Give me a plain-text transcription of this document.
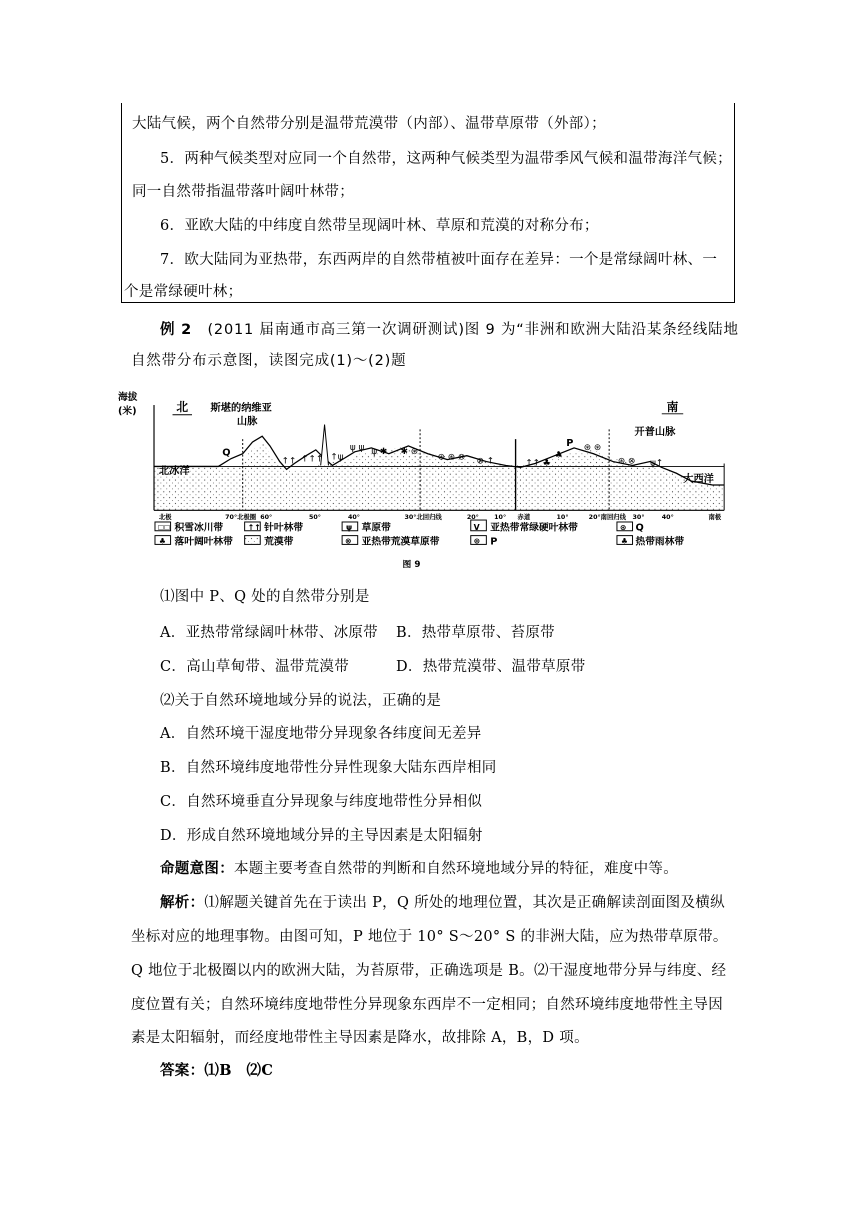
大陆气候，两个自然带分别是温带荒漠带（内部）、温带草原带（外部）；
5．两种气候类型对应同一个自然带，这两种气候类型为温带季风气候和温带海洋气候；
同一自然带指温带落叶阔叶林带；
6．亚欧大陆的中纬度自然带呈现阔叶林、草原和荒漠的对称分布；
7．欧大陆同为亚热带，东西两岸的自然带植被叶面存在差异：一个是常绿阔叶林、一
个是常绿硬叶林；
例 2 (2011 届南通市高三第一次调研测试)图 9 为“非洲和欧洲大陆沿某条经线陆地
自然带分布示意图，读图完成(1)～(2)题
海拔
(米)
↑↑ ↑↑↑ ↑ψ
ψ ψ ψ ✱ ✱ ⊛
⊛ ⊛ ⊗ ⊗ ↑	↑↑ ♣
♣
⊛ ⊛
⊛ ⊗ ψ↑
北 斯堪的纳维亚
山脉
南
开普山脉
北冰洋
大西洋
P
Q
北极	70°北极圈 60°	50°	40°	30°北回归线	20° 10° 赤道	10°	20°南回归线 30°	40°	南极
☐☐ 积雪冰川带	↑↑ 针叶林带	ψ 草原带	Ⅴ 亚热带常绿硬叶林带	⊛ Q
♣ 落叶阔叶林带	荒漠带	⊗ 亚热带荒漠草原带	⊛ P	♣ 热带雨林带
图 9
⑴图中 P、Q 处的自然带分别是
A．亚热带常绿阔叶林带、冰原带 B．热带草原带、苔原带
C．高山草甸带、温带荒漠带	D．热带荒漠带、温带草原带
⑵关于自然环境地域分异的说法，正确的是
A．自然环境干湿度地带分异现象各纬度间无差异
B．自然环境纬度地带性分异性现象大陆东西岸相同
C．自然环境垂直分异现象与纬度地带性分异相似
D．形成自然环境地域分异的主导因素是太阳辐射
命题意图：本题主要考查自然带的判断和自然环境地域分异的特征，难度中等。
解析：⑴解题关键首先在于读出 P，Q 所处的地理位置，其次是正确解读剖面图及横纵
坐标对应的地理事物。由图可知，P 地位于 10° S～20° S 的非洲大陆，应为热带草原带。
Q 地位于北极圈以内的欧洲大陆，为苔原带，正确选项是 B。⑵干湿度地带分异与纬度、经
度位置有关；自然环境纬度地带性分异现象东西岸不一定相同；自然环境纬度地带性主导因
素是太阳辐射，而经度地带性主导因素是降水，故排除 A，B，D 项。
答案：⑴B　⑵C
